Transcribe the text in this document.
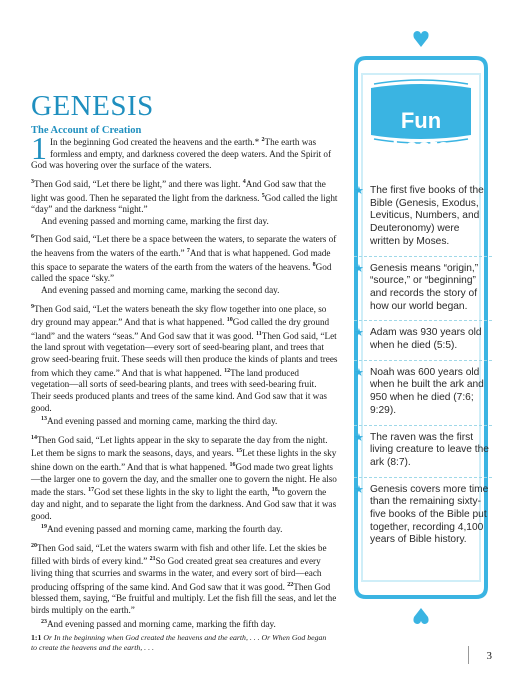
GENESIS
The Account of Creation

1 In the beginning God created the heavens and the earth.* $^2$The earth was formless and empty, and darkness covered the deep waters. And the Spirit of God was hovering over the surface of the waters.

$^3$Then God said, “Let there be light,” and there was light. $^4$And God saw that the light was good. Then he separated the light from the darkness. $^5$God called the light “day” and the darkness “night.”
And evening passed and morning came, marking the first day.

$^6$Then God said, “Let there be a space between the waters, to separate the waters of the heavens from the waters of the earth.” $^7$And that is what happened. God made this space to separate the waters of the earth from the waters of the heavens. $^8$God called the space “sky.”
And evening passed and morning came, marking the second day.

$^9$Then God said, “Let the waters beneath the sky flow together into one place, so dry ground may appear.” And that is what happened. $^{10}$God called the dry ground “land” and the waters “seas.” And God saw that it was good. $^{11}$Then God said, “Let the land sprout with vegetation—every sort of seed-bearing plant, and trees that grow seed-bearing fruit. These seeds will then produce the kinds of plants and trees from which they came.” And that is what happened. $^{12}$The land produced vegetation—all sorts of seed-bearing plants, and trees with seed-bearing fruit. Their seeds produced plants and trees of the same kind. And God saw that it was good.
$^{13}$And evening passed and morning came, marking the third day.

$^{14}$Then God said, “Let lights appear in the sky to separate the day from the night. Let them be signs to mark the seasons, days, and years. $^{15}$Let these lights in the sky shine down on the earth.” And that is what happened. $^{16}$God made two great lights—the larger one to govern the day, and the smaller one to govern the night. He also made the stars. $^{17}$God set these lights in the sky to light the earth, $^{18}$to govern the day and night, and to separate the light from the darkness. And God saw that it was good.
$^{19}$And evening passed and morning came, marking the fourth day.

$^{20}$Then God said, “Let the waters swarm with fish and other life. Let the skies be filled with birds of every kind.” $^{21}$So God created great sea creatures and every living thing that scurries and swarms in the water, and every sort of bird—each producing offspring of the same kind. And God saw that it was good. $^{22}$Then God blessed them, saying, “Be fruitful and multiply. Let the fish fill the seas, and let the birds multiply on the earth.”
$^{23}$And evening passed and morning came, marking the fifth day.

1:1 Or In the beginning when God created the heavens and the earth, . . . Or When God began to create the heavens and the earth, . . .
Fun Facts
★ The first five books of the Bible (Genesis, Exodus, Leviticus, Numbers, and Deuteronomy) were written by Moses.
★ Genesis means “origin,” “source,” or “beginning” and records the story of how our world began.
★ Adam was 930 years old when he died (5:5).
★ Noah was 600 years old when he built the ark and 950 when he died (7:6; 9:29).
★ The raven was the first living creature to leave the ark (8:7).
★ Genesis covers more time than the remaining sixty-five books of the Bible put together, recording 4,100 years of Bible history.
3
